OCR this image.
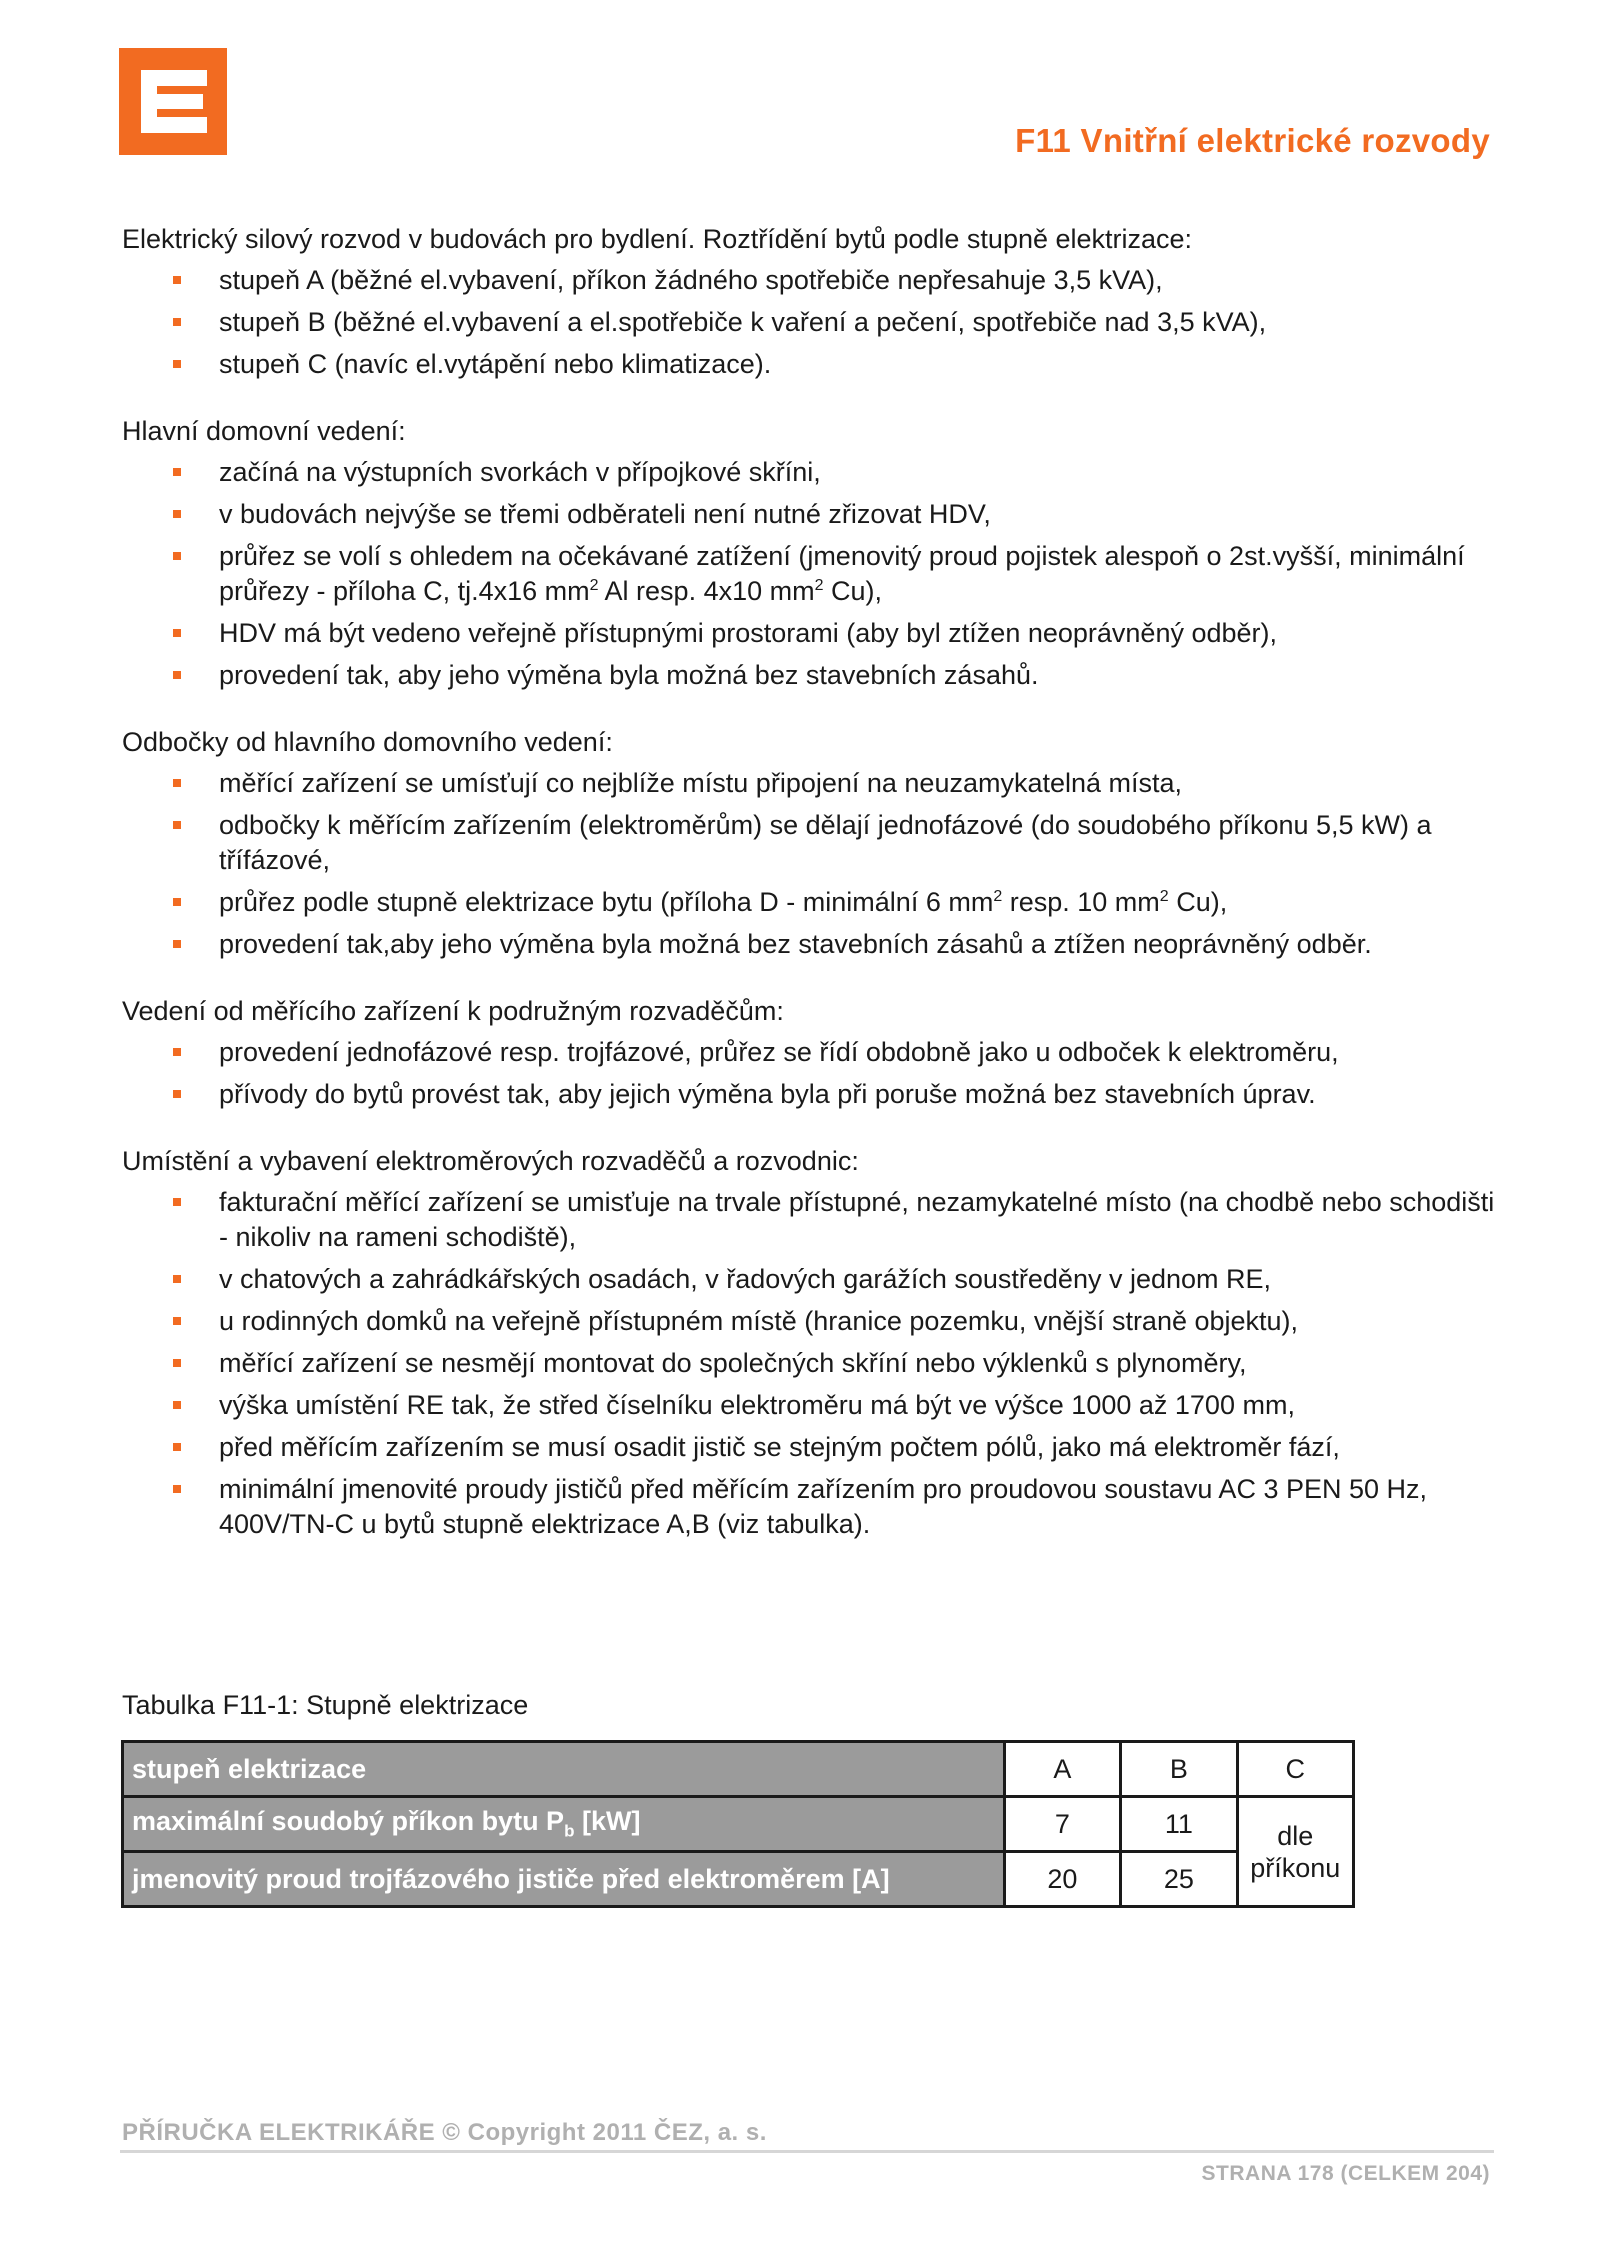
F11 Vnitřní elektrické rozvody

Elektrický silový rozvod v budovách pro bydlení. Roztřídění bytů podle stupně elektrizace:

stupeň A (běžné el.vybavení, příkon žádného spotřebiče nepřesahuje 3,5 kVA),
stupeň B (běžné el.vybavení a el.spotřebiče k vaření a pečení, spotřebiče nad 3,5 kVA),
stupeň C (navíc el.vytápění nebo klimatizace).

Hlavní domovní vedení:

začíná na výstupních svorkách v přípojkové skříni,
v budovách nejvýše se třemi odběrateli není nutné zřizovat HDV,
průřez se volí s ohledem na očekávané zatížení (jmenovitý proud pojistek alespoň o 2st.vyšší, minimální průřezy - příloha C, tj.4x16 $mm^2$ Al resp. 4x10 $mm^2$ Cu),
HDV má být vedeno veřejně přístupnými prostorami (aby byl ztížen neoprávněný odběr),
provedení tak, aby jeho výměna byla možná bez stavebních zásahů.

Odbočky od hlavního domovního vedení:

měřící zařízení se umísťují co nejblíže místu připojení na neuzamykatelná místa,
odbočky k měřícím zařízením (elektroměrům) se dělají jednofázové (do soudobého příkonu 5,5 kW) a třífázové,
průřez podle stupně elektrizace bytu (příloha D - minimální 6 $mm^2$ resp. 10 $mm^2$ Cu),
provedení tak,aby jeho výměna byla možná bez stavebních zásahů a ztížen neoprávněný odběr.

Vedení od měřícího zařízení k podružným rozvaděčům:

provedení jednofázové resp. trojfázové, průřez se řídí obdobně jako u odboček k elektroměru,
přívody do bytů provést tak, aby jejich výměna byla při poruše možná bez stavebních úprav.

Umístění a vybavení elektroměrových rozvaděčů a rozvodnic:

fakturační měřící zařízení se umisťuje na trvale přístupné, nezamykatelné místo (na chodbě nebo schodišti - nikoliv na rameni schodiště),
v chatových a zahrádkářských osadách, v řadových garážích soustředěny v jednom RE,
u rodinných domků na veřejně přístupném místě (hranice pozemku, vnější straně objektu),
měřící zařízení se nesmějí montovat do společných skříní nebo výklenků s plynoměry,
výška umístění RE tak, že střed číselníku elektroměru má být ve výšce 1000 až 1700 mm,
před měřícím zařízením se musí osadit jistič se stejným počtem pólů, jako má elektroměr fází,
minimální jmenovité proudy jističů před měřícím zařízením pro proudovou soustavu AC 3 PEN 50 Hz, 400V/TN-C u bytů stupně elektrizace A,B (viz tabulka).

Tabulka F11-1: Stupně elektrizace

stupeň elektrizace	A	B	C
maximální soudobý příkon bytu $P_b$ [kW]	7	11	dle příkonu
jmenovitý proud trojfázového jističe před elektroměrem [A]	20	25	

PŘÍRUČKA ELEKTRIKÁŘE © Copyright 2011 ČEZ, a. s.

STRANA 178 (CELKEM 204)
